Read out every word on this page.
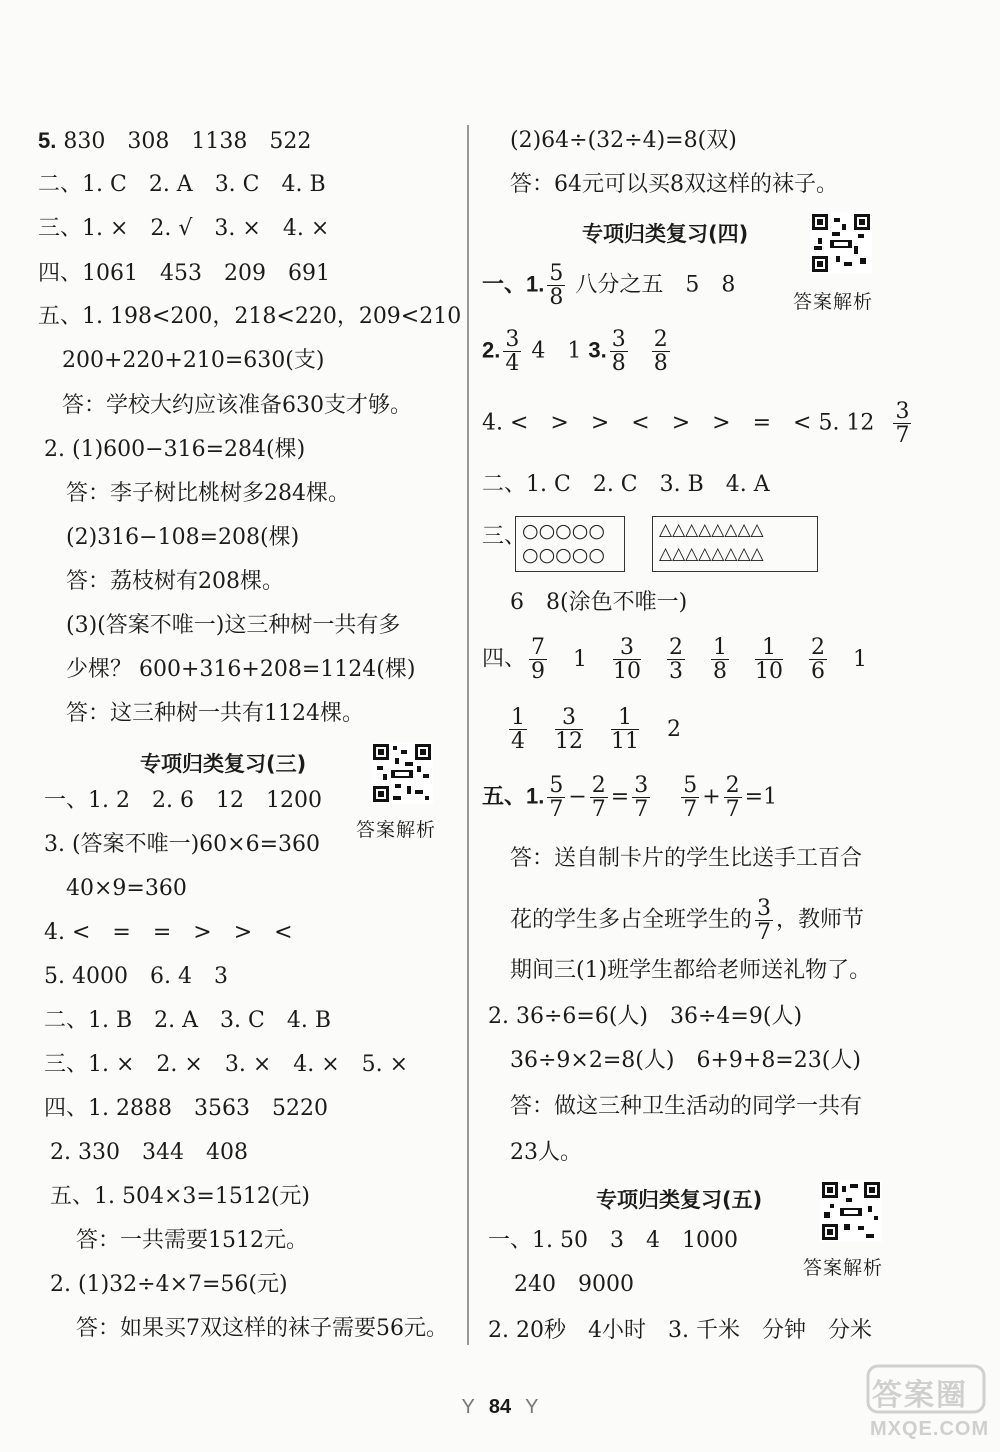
5. 830　308　1138　522
二、1. C　2. A　3. C　4. B
三、1. ×　2. √　3. ×　4. ×
四、1061　453　209　691
五、1. 198<200，218<220，209<210
200+220+210=630(支)
答：学校大约应该准备630支才够。
2. (1)600−316=284(棵)
答：李子树比桃树多284棵。
(2)316−108=208(棵)
答：荔枝树有208棵。
(3)(答案不唯一)这三种树一共有多
少棵？ 600+316+208=1124(棵)
答：这三种树一共有1124棵。
专项归类复习(三)
答案解析
一、1. 2　2. 6　12　1200
3. (答案不唯一)60×6=360
40×9=360
4. <　=　=　>　>　<
5. 4000　6. 4　3
二、1. B　2. A　3. C　4. B
三、1. ×　2. ×　3. ×　4. ×　5. ×
四、1. 2888　3563　5220
2. 330　344　408
五、1. 504×3=1512(元)
答：一共需要1512元。
2. (1)32÷4×7=56(元)
答：如果买7双这样的袜子需要56元。
(2)64÷(32÷4)=8(双)
答：64元可以买8双这样的袜子。
专项归类复习(四)
答案解析
一、1. $\frac{5}{8}$ 八分之五　5　8
2. $\frac{3}{4} 4$　1 3. $\frac{3}{8}$
$\frac{2}{8}$
4. <　>　>　<　>　>　=　< 5. $12 \frac{3}{7}$
二、1. C　2. C　3. B　4. A
三、
○○○○○
○○○○○
△△△△△△△△
△△△△△△△△
6　8(涂色不唯一)
四、 $\frac{7}{9} 1 \frac{3}{10}$
$\frac{2}{3}$
$\frac{1}{8}$
$\frac{1}{10}$
$\frac{2}{6} 1$
$\frac{1}{4}$
$\frac{3}{12}$
$\frac{1}{11} 2$
五、1. $\frac{5}{7} - \frac{2}{7} = \frac{3}{7}$
$\frac{5}{7} + \frac{2}{7} =1$
答：送自制卡片的学生比送手工百合
花的学生多占全班学生的 $\frac{3}{7}$ ，教师节
期间三(1)班学生都给老师送礼物了。
2. 36÷6=6(人)　36÷4=9(人)
36÷9×2=8(人)　6+9+8=23(人)
答：做这三种卫生活动的同学一共有
23人。
专项归类复习(五)
答案解析
一、1. 50　3　4　1000
240　9000
2. 20秒　4小时　3. 千米　分钟　分米
Y 84 Y	答案圈
MXQE.COM
